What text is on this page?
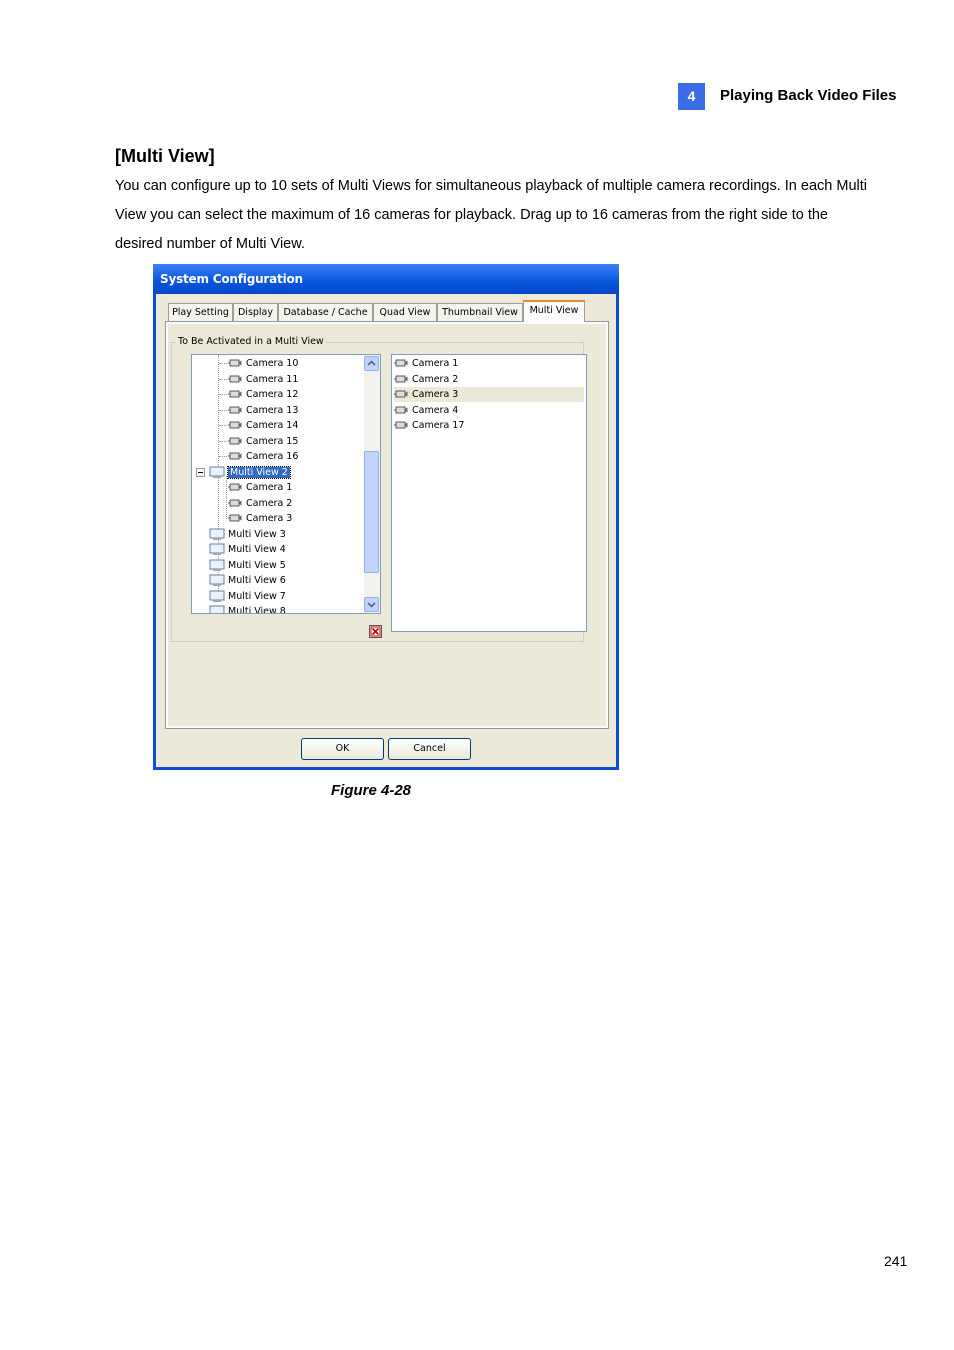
4	Playing Back Video Files
[Multi View]
You can configure up to 10 sets of Multi Views for simultaneous playback of multiple camera recordings. In each Multi View you can select the maximum of 16 cameras for playback. Drag up to 16 cameras from the right side to the desired number of Multi View.
System Configuration
Play Setting Display	Database / Cache	Quad View	Thumbnail View	Multi View
To Be Activated in a Multi View
Camera 10
Camera 11
Camera 12
Camera 13
Camera 14
Camera 15
Camera 16
Multi View 2
Camera 1
Camera 2
Camera 3
Multi View 3
Multi View 4
Multi View 5
Multi View 6
Multi View 7
Multi View 8
Camera 1
Camera 2
Camera 3
Camera 4
Camera 17
OK	Cancel
Figure 4-28
241
